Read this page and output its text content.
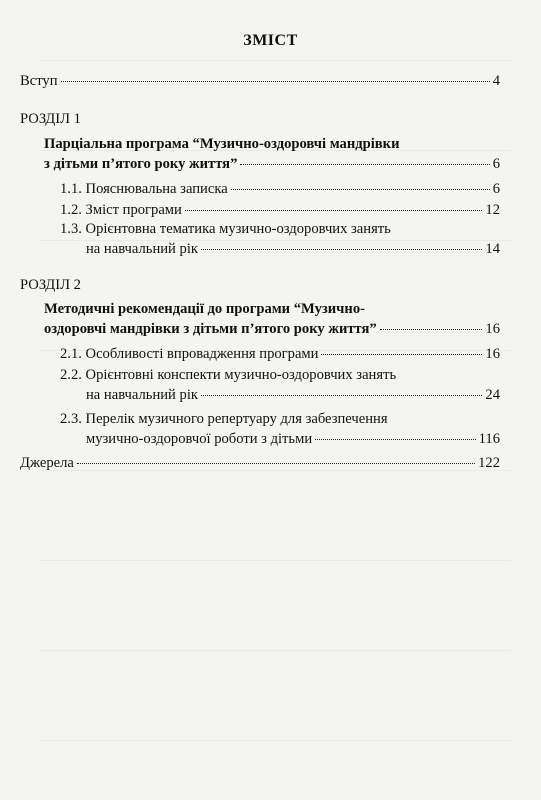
ЗМІСТ
Вступ	4
РОЗДІЛ 1
Парціальна програма “Музично-оздоровчі мандрівки
з дітьми п’ятого року життя”	6
1.1. Пояснювальна записка	6
1.2. Зміст програми	12
1.3. Орієнтовна тематика музично-оздоровчих занять
на навчальний рік	14
РОЗДІЛ 2
Методичні рекомендації до програми “Музично-
оздоровчі мандрівки з дітьми п’ятого року життя”	16
2.1. Особливості впровадження програми	16
2.2. Орієнтовні конспекти музично-оздоровчих занять
на навчальний рік	24
2.3. Перелік музичного репертуару для забезпечення
музично-оздоровчої роботи з дітьми	116
Джерела	122
